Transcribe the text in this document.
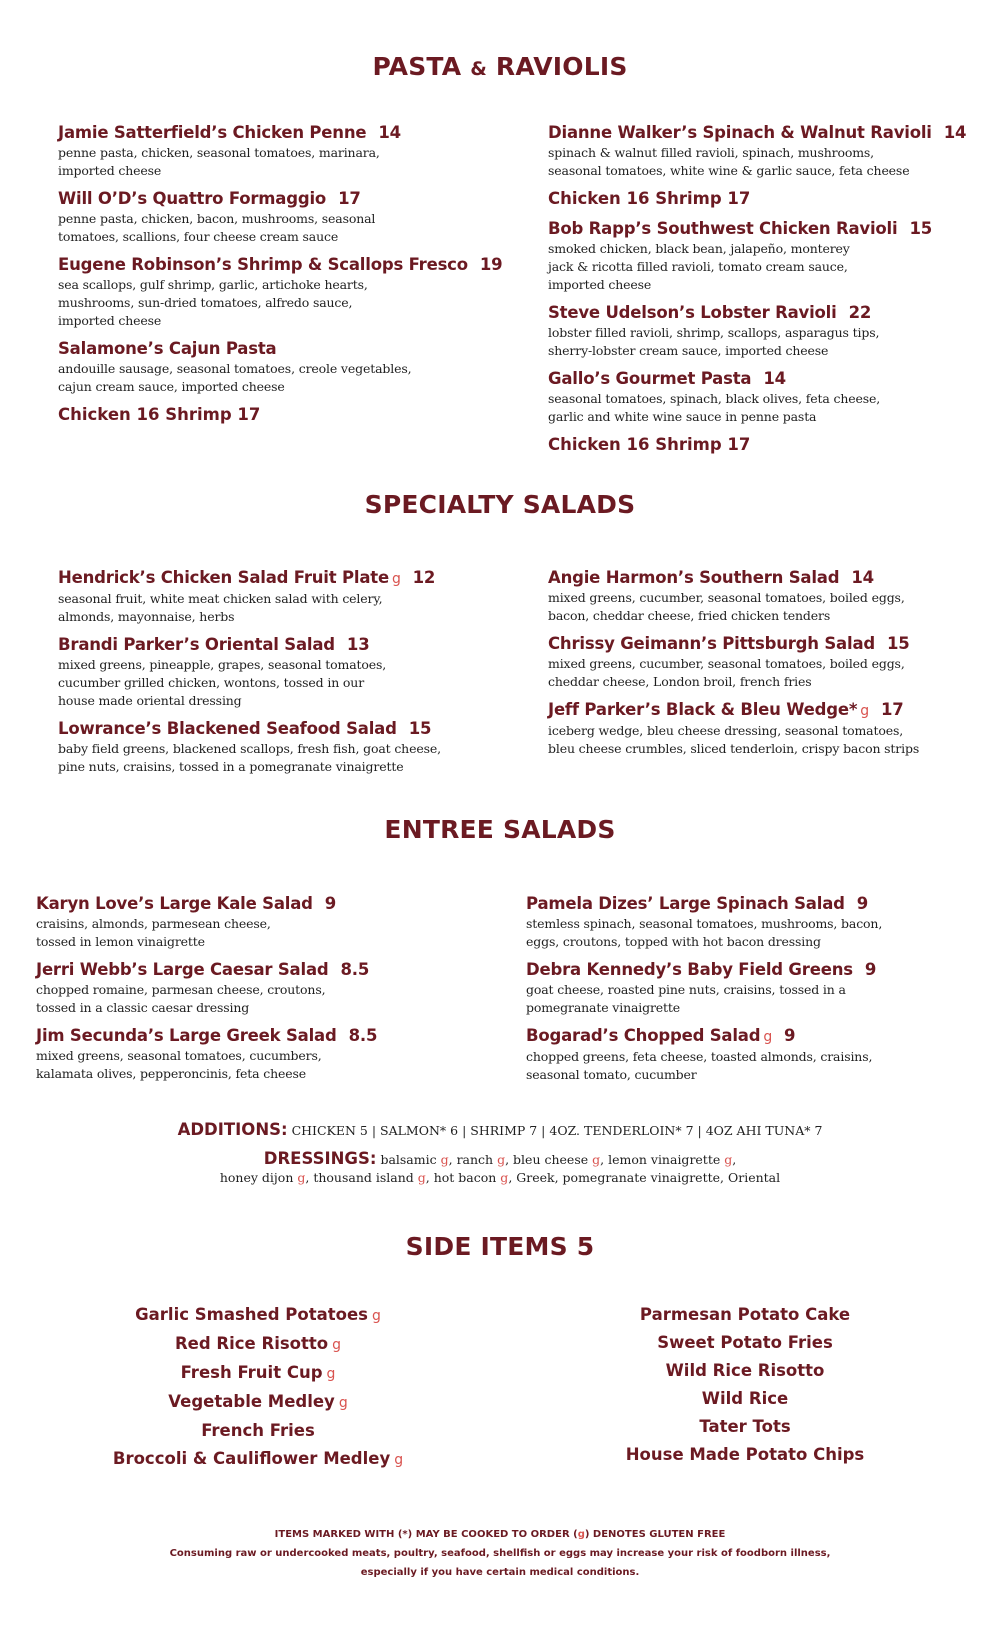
PASTA & RAVIOLIS
Jamie Satterfield’s Chicken Penne 14
penne pasta, chicken, seasonal tomatoes, marinara,
imported cheese
Will O’D’s Quattro Formaggio 17
penne pasta, chicken, bacon, mushrooms, seasonal
tomatoes, scallions, four cheese cream sauce
Eugene Robinson’s Shrimp & Scallops Fresco 19
sea scallops, gulf shrimp, garlic, artichoke hearts,
mushrooms, sun-dried tomatoes, alfredo sauce,
imported cheese
Salamone’s Cajun Pasta
andouille sausage, seasonal tomatoes, creole vegetables,
cajun cream sauce, imported cheese
Chicken 16 Shrimp 17
Dianne Walker’s Spinach & Walnut Ravioli 14
spinach & walnut filled ravioli, spinach, mushrooms,
seasonal tomatoes, white wine & garlic sauce, feta cheese
Chicken 16 Shrimp 17
Bob Rapp’s Southwest Chicken Ravioli 15
smoked chicken, black bean, jalapeño, monterey
jack & ricotta filled ravioli, tomato cream sauce,
imported cheese
Steve Udelson’s Lobster Ravioli 22
lobster filled ravioli, shrimp, scallops, asparagus tips,
sherry-lobster cream sauce, imported cheese
Gallo’s Gourmet Pasta 14
seasonal tomatoes, spinach, black olives, feta cheese,
garlic and white wine sauce in penne pasta
Chicken 16 Shrimp 17
SPECIALTY SALADS
Hendrick’s Chicken Salad Fruit Plate g 12
seasonal fruit, white meat chicken salad with celery,
almonds, mayonnaise, herbs
Brandi Parker’s Oriental Salad 13
mixed greens, pineapple, grapes, seasonal tomatoes,
cucumber grilled chicken, wontons, tossed in our
house made oriental dressing
Lowrance’s Blackened Seafood Salad 15
baby field greens, blackened scallops, fresh fish, goat cheese,
pine nuts, craisins, tossed in a pomegranate vinaigrette
Angie Harmon’s Southern Salad 14
mixed greens, cucumber, seasonal tomatoes, boiled eggs,
bacon, cheddar cheese, fried chicken tenders
Chrissy Geimann’s Pittsburgh Salad 15
mixed greens, cucumber, seasonal tomatoes, boiled eggs,
cheddar cheese, London broil, french fries
Jeff Parker’s Black & Bleu Wedge* g 17
iceberg wedge, bleu cheese dressing, seasonal tomatoes,
bleu cheese crumbles, sliced tenderloin, crispy bacon strips
ENTREE SALADS
Karyn Love’s Large Kale Salad 9
craisins, almonds, parmesean cheese,
tossed in lemon vinaigrette
Jerri Webb’s Large Caesar Salad 8.5
chopped romaine, parmesan cheese, croutons,
tossed in a classic caesar dressing
Jim Secunda’s Large Greek Salad 8.5
mixed greens, seasonal tomatoes, cucumbers,
kalamata olives, pepperoncinis, feta cheese
Pamela Dizes’ Large Spinach Salad 9
stemless spinach, seasonal tomatoes, mushrooms, bacon,
eggs, croutons, topped with hot bacon dressing
Debra Kennedy’s Baby Field Greens 9
goat cheese, roasted pine nuts, craisins, tossed in a
pomegranate vinaigrette
Bogarad’s Chopped Salad g 9
chopped greens, feta cheese, toasted almonds, craisins,
seasonal tomato, cucumber
ADDITIONS: CHICKEN 5 | SALMON* 6 | SHRIMP 7 | 4OZ. TENDERLOIN* 7 | 4OZ AHI TUNA* 7
DRESSINGS: balsamic g, ranch g, bleu cheese g, lemon vinaigrette g,
honey dijon g, thousand island g, hot bacon g, Greek, pomegranate vinaigrette, Oriental
SIDE ITEMS 5
Garlic Smashed Potatoes g
Red Rice Risotto g
Fresh Fruit Cup g
Vegetable Medley g
French Fries
Broccoli & Cauliflower Medley g
Parmesan Potato Cake
Sweet Potato Fries
Wild Rice Risotto
Wild Rice
Tater Tots
House Made Potato Chips
ITEMS MARKED WITH (*) MAY BE COOKED TO ORDER (g) DENOTES GLUTEN FREE
Consuming raw or undercooked meats, poultry, seafood, shellfish or eggs may increase your risk of foodborn illness,
especially if you have certain medical conditions.
